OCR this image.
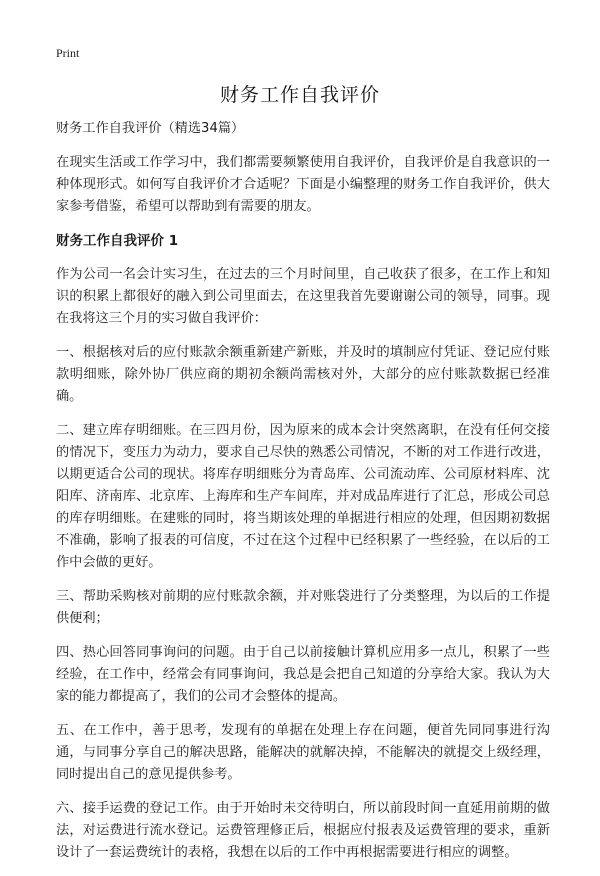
Print
财务工作自我评价

财务工作自我评价（精选34篇）

在现实生活或工作学习中，我们都需要频繁使用自我评价，自我评价是自我意识的一种体现形式。如何写自我评价才合适呢？下面是小编整理的财务工作自我评价，供大家参考借鉴，希望可以帮助到有需要的朋友。

财务工作自我评价 1

作为公司一名会计实习生，在过去的三个月时间里，自己收获了很多，在工作上和知识的积累上都很好的融入到公司里面去，在这里我首先要谢谢公司的领导，同事。现在我将这三个月的实习做自我评价：

一、根据核对后的应付账款余额重新建产新账，并及时的填制应付凭证、登记应付账款明细账，除外协厂供应商的期初余额尚需核对外，大部分的应付账款数据已经准确。

二、建立库存明细账。在三四月份，因为原来的成本会计突然离职，在没有任何交接的情况下，变压力为动力，要求自己尽快的熟悉公司情况，不断的对工作进行改进，以期更适合公司的现状。将库存明细账分为青岛库、公司流动库、公司原材料库、沈阳库、济南库、北京库、上海库和生产车间库，并对成品库进行了汇总，形成公司总的库存明细账。在建账的同时，将当期该处理的单据进行相应的处理，但因期初数据不准确，影响了报表的可信度，不过在这个过程中已经积累了一些经验，在以后的工作中会做的更好。

三、帮助采购核对前期的应付账款余额，并对账袋进行了分类整理，为以后的工作提供便利；

四、热心回答同事询问的问题。由于自己以前接触计算机应用多一点儿，积累了一些经验，在工作中，经常会有同事询问，我总是会把自己知道的分享给大家。我认为大家的能力都提高了，我们的公司才会整体的提高。

五、在工作中，善于思考，发现有的单据在处理上存在问题，便首先同同事进行沟通，与同事分享自己的解决思路，能解决的就解决掉，不能解决的就提交上级经理，同时提出自己的意见提供参考。

六、接手运费的登记工作。由于开始时未交待明白，所以前段时间一直延用前期的做法，对运费进行流水登记。运费管理修正后，根据应付报表及运费管理的要求，重新设计了一套运费统计的表格，我想在以后的工作中再根据需要进行相应的调整。
